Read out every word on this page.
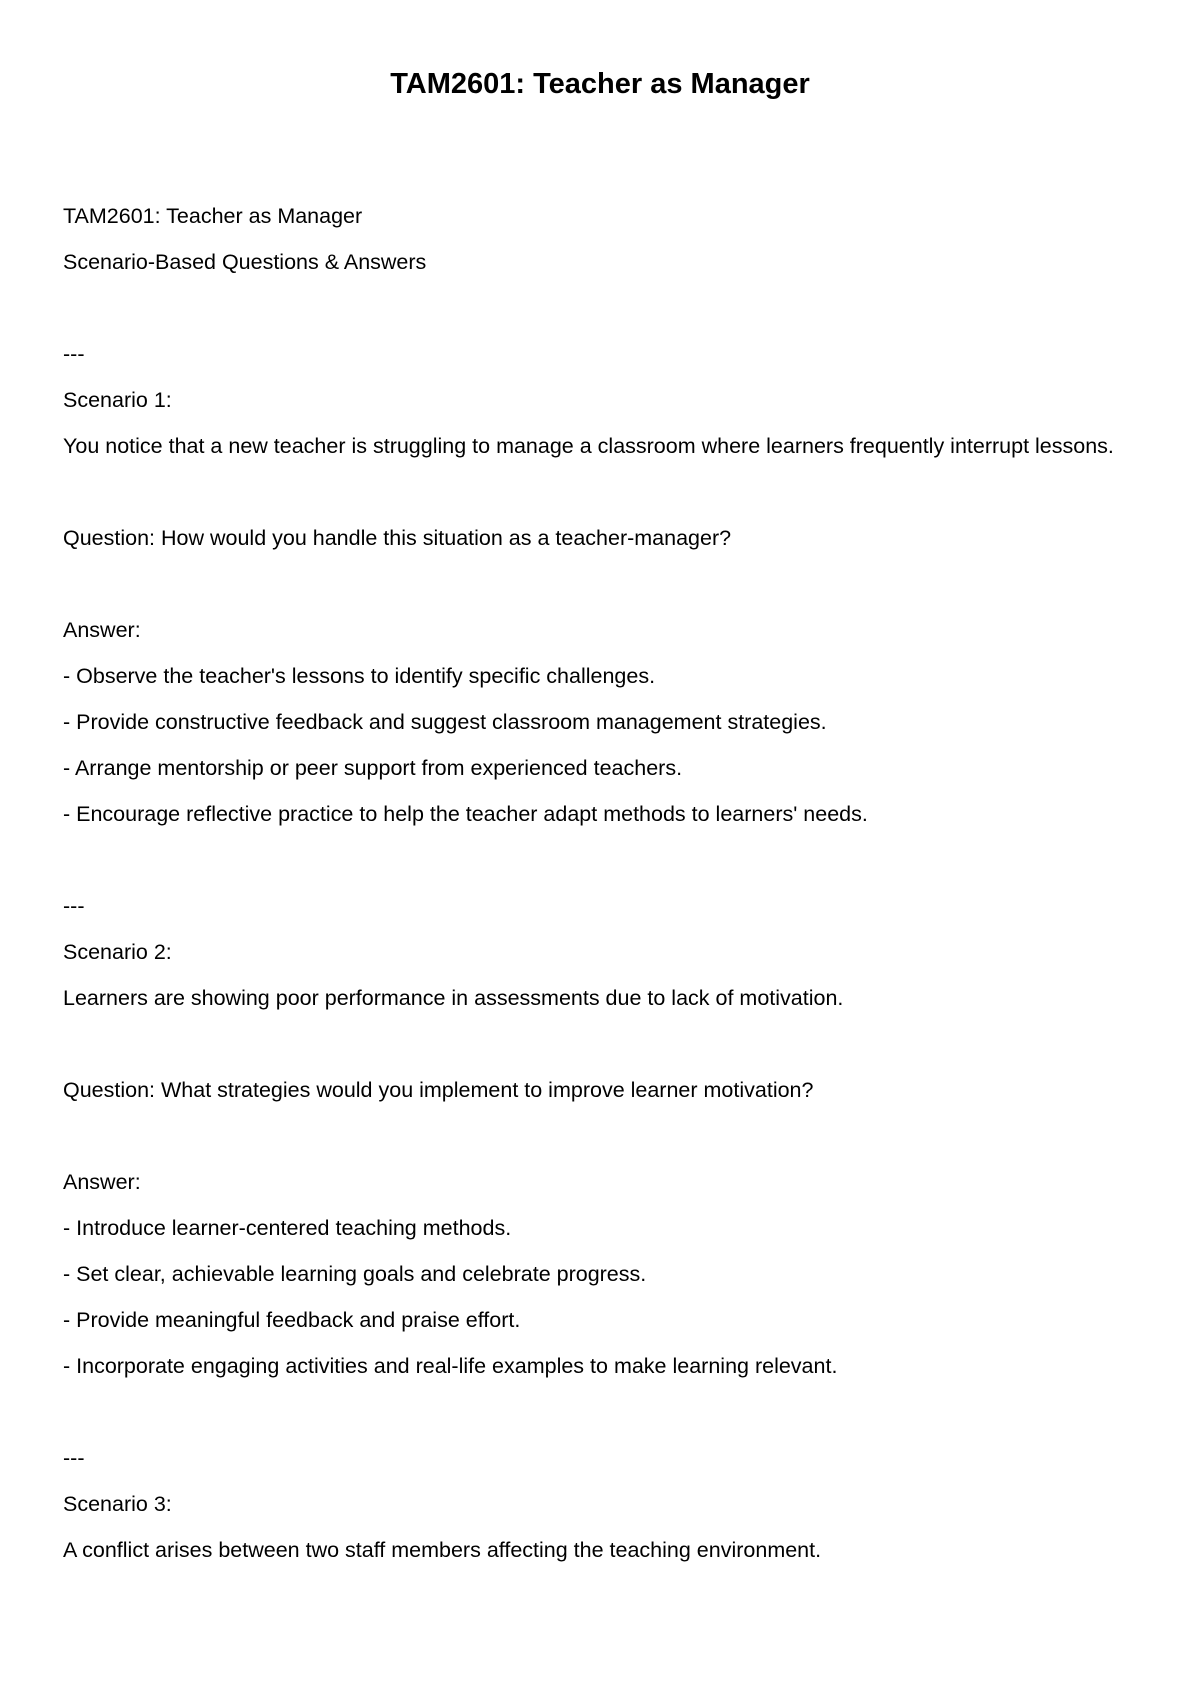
TAM2601: Teacher as Manager
TAM2601: Teacher as Manager
Scenario-Based Questions & Answers
---
Scenario 1:
You notice that a new teacher is struggling to manage a classroom where learners frequently interrupt lessons.
Question: How would you handle this situation as a teacher-manager?
Answer:
- Observe the teacher's lessons to identify specific challenges.
- Provide constructive feedback and suggest classroom management strategies.
- Arrange mentorship or peer support from experienced teachers.
- Encourage reflective practice to help the teacher adapt methods to learners' needs.
---
Scenario 2:
Learners are showing poor performance in assessments due to lack of motivation.
Question: What strategies would you implement to improve learner motivation?
Answer:
- Introduce learner-centered teaching methods.
- Set clear, achievable learning goals and celebrate progress.
- Provide meaningful feedback and praise effort.
- Incorporate engaging activities and real-life examples to make learning relevant.
---
Scenario 3:
A conflict arises between two staff members affecting the teaching environment.
